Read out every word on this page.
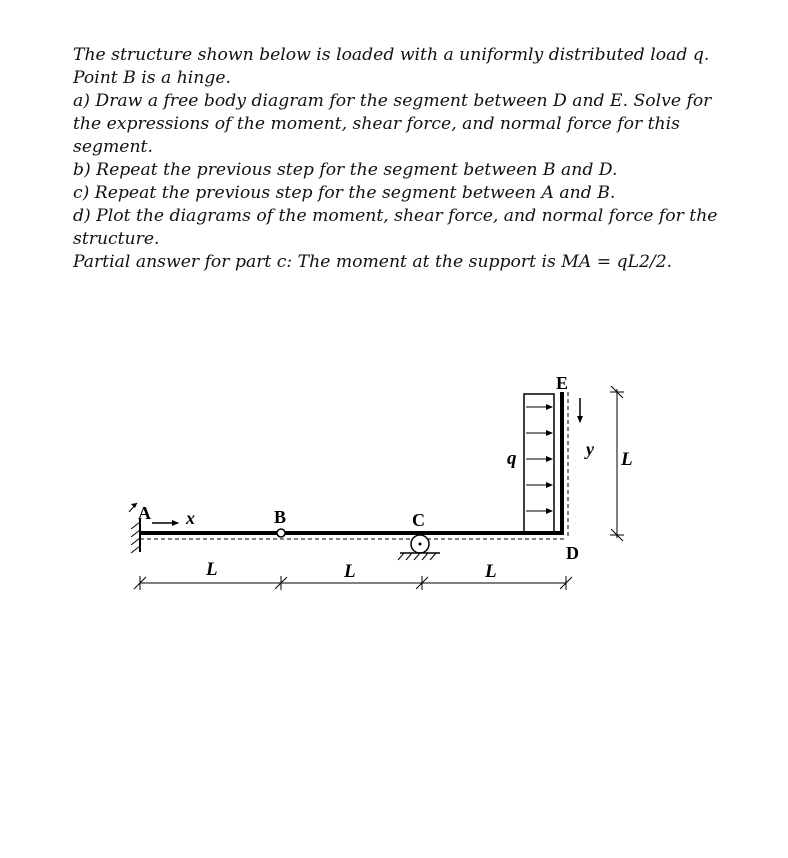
The structure shown below is loaded with a uniformly distributed load q.

Point B is a hinge.

a) Draw a free body diagram for the segment between D and E. Solve for

the expressions of the moment, shear force, and normal force for this

segment.

b) Repeat the previous step for the segment between B and D.

c) Repeat the previous step for the segment between A and B.

d) Plot the diagrams of the moment, shear force, and normal force for the

structure.

Partial answer for part c: The moment at the support is MA = qL2/2.

A	B	C
D
E
q
x
y
L	L	L
L
